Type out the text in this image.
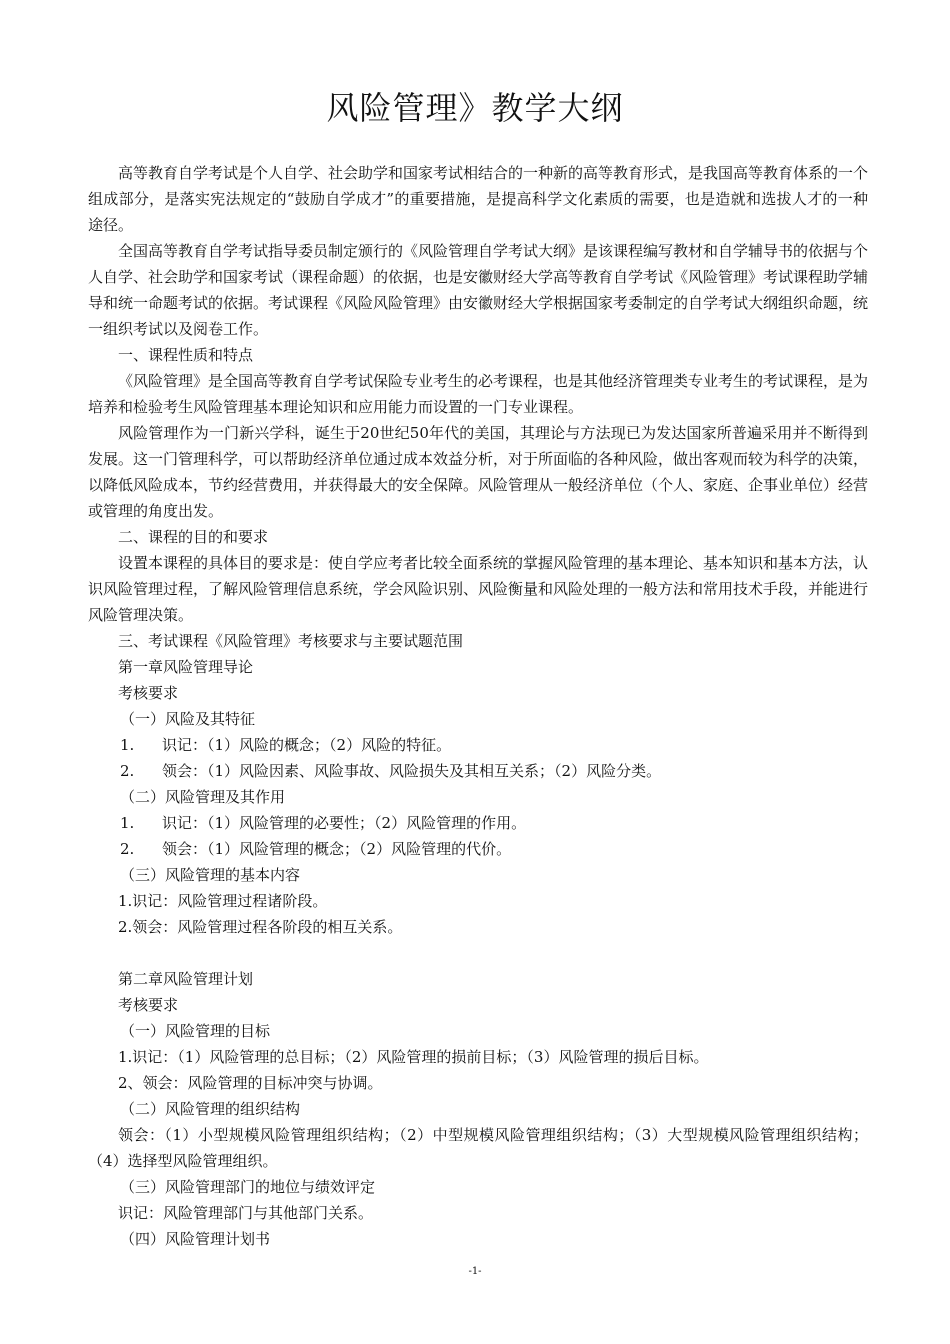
风险管理》教学大纲

高等教育自学考试是个人自学、社会助学和国家考试相结合的一种新的高等教育形式，是我国高等教育体系的一个组成部分，是落实宪法规定的“鼓励自学成才”的重要措施，是提高科学文化素质的需要，也是造就和选拔人才的一种途径。

全国高等教育自学考试指导委员制定颁行的《风险管理自学考试大纲》是该课程编写教材和自学辅导书的依据与个人自学、社会助学和国家考试（课程命题）的依据，也是安徽财经大学高等教育自学考试《风险管理》考试课程助学辅导和统一命题考试的依据。考试课程《风险风险管理》由安徽财经大学根据国家考委制定的自学考试大纲组织命题，统一组织考试以及阅卷工作。

一、课程性质和特点

《风险管理》是全国高等教育自学考试保险专业考生的必考课程，也是其他经济管理类专业考生的考试课程，是为培养和检验考生风险管理基本理论知识和应用能力而设置的一门专业课程。

风险管理作为一门新兴学科，诞生于20世纪50年代的美国，其理论与方法现已为发达国家所普遍采用并不断得到发展。这一门管理科学，可以帮助经济单位通过成本效益分析，对于所面临的各种风险，做出客观而较为科学的决策，以降低风险成本，节约经营费用，并获得最大的安全保障。风险管理从一般经济单位（个人、家庭、企事业单位）经营或管理的角度出发。

二、课程的目的和要求

设置本课程的具体目的要求是：使自学应考者比较全面系统的掌握风险管理的基本理论、基本知识和基本方法，认识风险管理过程，了解风险管理信息系统，学会风险识别、风险衡量和风险处理的一般方法和常用技术手段，并能进行风险管理决策。

三、考试课程《风险管理》考核要求与主要试题范围

第一章风险管理导论

考核要求

（一）风险及其特征

1. 识记：（1）风险的概念；（2）风险的特征。

2. 领会：（1）风险因素、风险事故、风险损失及其相互关系；（2）风险分类。

（二）风险管理及其作用

1. 识记：（1）风险管理的必要性；（2）风险管理的作用。

2. 领会：（1）风险管理的概念；（2）风险管理的代价。

（三）风险管理的基本内容

1.识记：风险管理过程诸阶段。

2.领会：风险管理过程各阶段的相互关系。

第二章风险管理计划

考核要求

（一）风险管理的目标

1.识记：（1）风险管理的总目标；（2）风险管理的损前目标；（3）风险管理的损后目标。

2、领会：风险管理的目标冲突与协调。

（二）风险管理的组织结构

领会：（1）小型规模风险管理组织结构；（2）中型规模风险管理组织结构；（3）大型规模风险管理组织结构；（4）选择型风险管理组织。

（三）风险管理部门的地位与绩效评定

识记：风险管理部门与其他部门关系。

（四）风险管理计划书

-1-
